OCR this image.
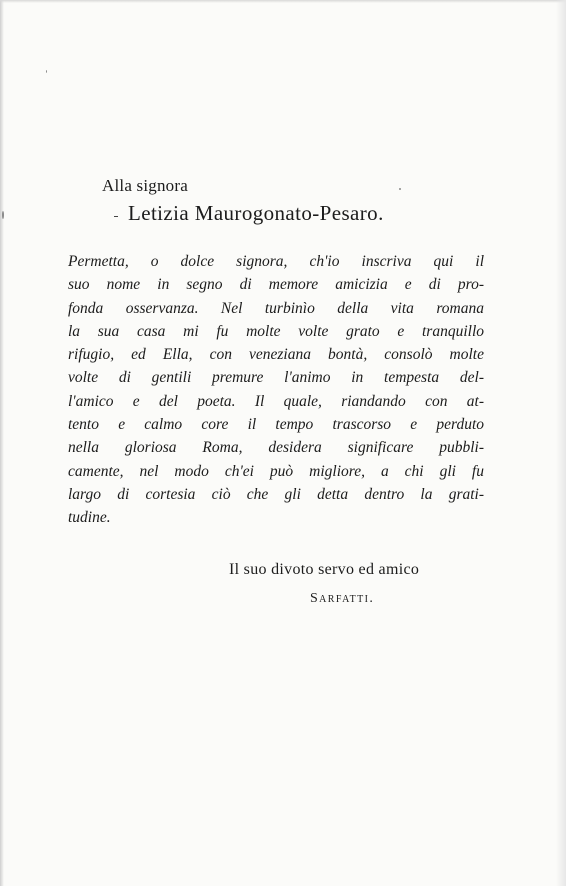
Alla signora
Letizia Maurogonato-Pesaro.
Permetta, o dolce signora, ch'io inscriva qui il
suo nome in segno di memore amicizia e di pro-
fonda osservanza. Nel turbinìo della vita romana
la sua casa mi fu molte volte grato e tranquillo
rifugio, ed Ella, con veneziana bontà, consolò molte
volte di gentili premure l'animo in tempesta del-
l'amico e del poeta. Il quale, riandando con at-
tento e calmo core il tempo trascorso e perduto
nella gloriosa Roma, desidera significare pubbli-
camente, nel modo ch'ei può migliore, a chi gli fu
largo di cortesia ciò che gli detta dentro la grati-
tudine.
Il suo divoto servo ed amico
Sarfatti.
